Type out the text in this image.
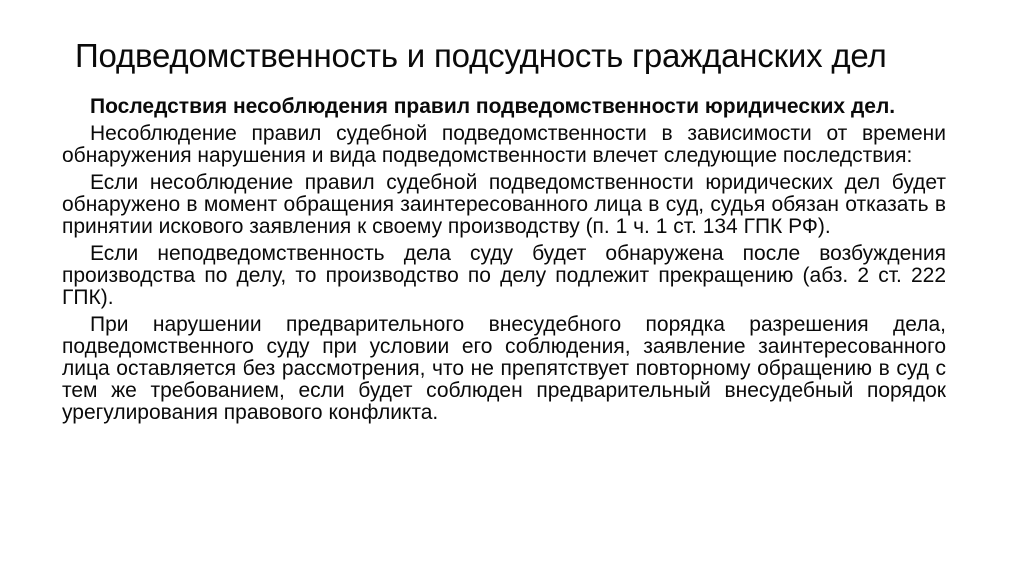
Подведомственность и подсудность гражданских дел

Последствия несоблюдения правил подведомственности юридических дел.

Несоблюдение правил судебной подведомственности в зависимости от времени обнаружения нарушения и вида подведомственности влечет следующие последствия:

Если несоблюдение правил судебной подведомственности юридических дел будет обнаружено в момент обращения заинтересованного лица в суд, судья обязан отказать в принятии искового заявления к своему производству (п. 1 ч. 1 ст. 134 ГПК РФ).

Если неподведомственность дела суду будет обнаружена после возбуждения производства по делу, то производство по делу подлежит прекращению (абз. 2 ст. 222 ГПК).

При нарушении предварительного внесудебного порядка разрешения дела, подведомственного суду при условии его соблюдения, заявление заинтересованного лица оставляется без рассмотрения, что не препятствует повторному обращению в суд с тем же требованием, если будет соблюден предварительный внесудебный порядок урегулирования правового конфликта.
